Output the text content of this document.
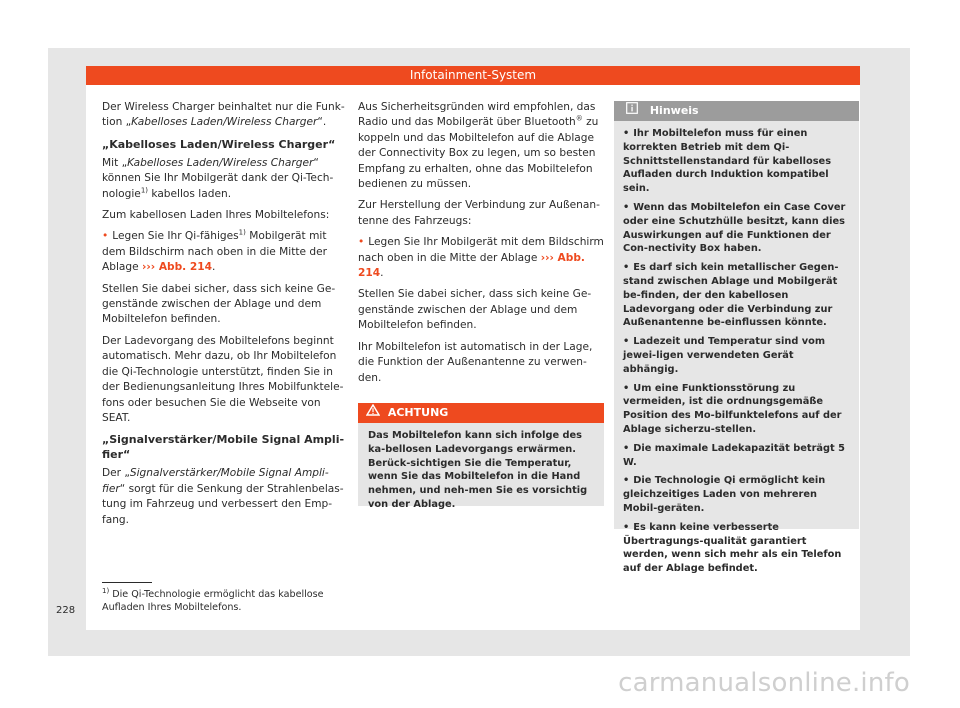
Infotainment-System

Der Wireless Charger beinhaltet nur die Funk-tion „Kabelloses Laden/Wireless Charger“.

„Kabelloses Laden/Wireless Charger“

Mit „Kabelloses Laden/Wireless Charger“ können Sie Ihr Mobilgerät dank der Qi-Tech-nologie$^{1)}$ kabellos laden.

Zum kabellosen Laden Ihres Mobiltelefons:

• Legen Sie Ihr Qi-fähiges$^{1)}$ Mobilgerät mit dem Bildschirm nach oben in die Mitte der Ablage ››› Abb. 214.

Stellen Sie dabei sicher, dass sich keine Ge-genstände zwischen der Ablage und dem Mobiltelefon befinden.

Der Ladevorgang des Mobiltelefons beginnt automatisch. Mehr dazu, ob Ihr Mobiltelefon die Qi-Technologie unterstützt, finden Sie in der Bedienungsanleitung Ihres Mobilfunktele-fons oder besuchen Sie die Webseite von SEAT.

„Signalverstärker/Mobile Signal Ampli-fier“

Der „Signalverstärker/Mobile Signal Ampli-fier“ sorgt für die Senkung der Strahlenbelas-tung im Fahrzeug und verbessert den Emp-fang.

Aus Sicherheitsgründen wird empfohlen, das Radio und das Mobilgerät über Bluetooth® zu koppeln und das Mobiltelefon auf die Ablage der Connectivity Box zu legen, um so besten Empfang zu erhalten, ohne das Mobiltelefon bedienen zu müssen.

Zur Herstellung der Verbindung zur Außenan-tenne des Fahrzeugs:

• Legen Sie Ihr Mobilgerät mit dem Bildschirm nach oben in die Mitte der Ablage ››› Abb. 214.

Stellen Sie dabei sicher, dass sich keine Ge-genstände zwischen der Ablage und dem Mobiltelefon befinden.

Ihr Mobiltelefon ist automatisch in der Lage, die Funktion der Außenantenne zu verwen-den.

ACHTUNG
Das Mobiltelefon kann sich infolge des ka-bellosen Ladevorgangs erwärmen. Berück-sichtigen Sie die Temperatur, wenn Sie das Mobiltelefon in die Hand nehmen, und neh-men Sie es vorsichtig von der Ablage.
Hinweis

• Ihr Mobiltelefon muss für einen korrekten Betrieb mit dem Qi-Schnittstellenstandard für kabelloses Aufladen durch Induktion kompatibel sein.

• Wenn das Mobiltelefon ein Case Cover oder eine Schutzhülle besitzt, kann dies Auswirkungen auf die Funktionen der Con-nectivity Box haben.

• Es darf sich kein metallischer Gegen-stand zwischen Ablage und Mobilgerät be-finden, der den kabellosen Ladevorgang oder die Verbindung zur Außenantenne be-einflussen könnte.

• Ladezeit und Temperatur sind vom jewei-ligen verwendeten Gerät abhängig.

• Um eine Funktionsstörung zu vermeiden, ist die ordnungsgemäße Position des Mo-bilfunktelefons auf der Ablage sicherzu-stellen.

• Die maximale Ladekapazität beträgt 5 W.

• Die Technologie Qi ermöglicht kein gleichzeitiges Laden von mehreren Mobil-geräten.

• Es kann keine verbesserte Übertragungs-qualität garantiert werden, wenn sich mehr als ein Telefon auf der Ablage befindet.

$^{1)}$ Die Qi-Technologie ermöglicht das kabellose Aufladen Ihres Mobiltelefons.
228
carmanualsonline.info
